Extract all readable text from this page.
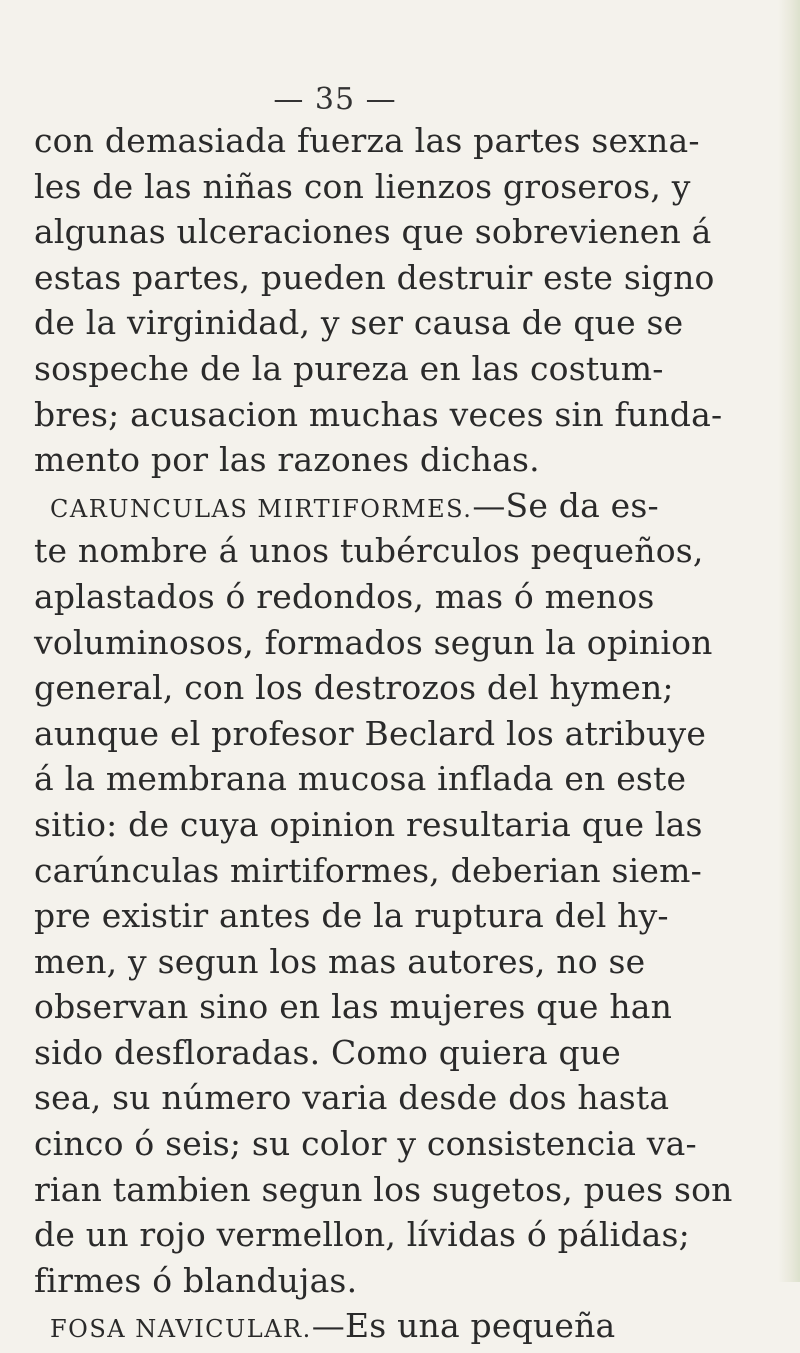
— 35 —
con demasiada fuerza las partes sexna-
les de las niñas con lienzos groseros, y
algunas ulceraciones que sobrevienen á
estas partes, pueden destruir este signo
de la virginidad, y ser causa de que se
sospeche de la pureza en las costum-
bres; acusacion muchas veces sin funda-
mento por las razones dichas.
CARUNCULAS MIRTIFORMES.—Se da es-
te nombre á unos tubérculos pequeños,
aplastados ó redondos, mas ó menos
voluminosos, formados segun la opinion
general, con los destrozos del hymen;
aunque el profesor Beclard los atribuye
á la membrana mucosa inflada en este
sitio: de cuya opinion resultaria que las
carúnculas mirtiformes, deberian siem-
pre existir antes de la ruptura del hy-
men, y segun los mas autores, no se
observan sino en las mujeres que han
sido desfloradas. Como quiera que
sea, su número varia desde dos hasta
cinco ó seis; su color y consistencia va-
rian tambien segun los sugetos, pues son
de un rojo vermellon, lívidas ó pálidas;
firmes ó blandujas.
FOSA NAVICULAR.—Es una pequeña
